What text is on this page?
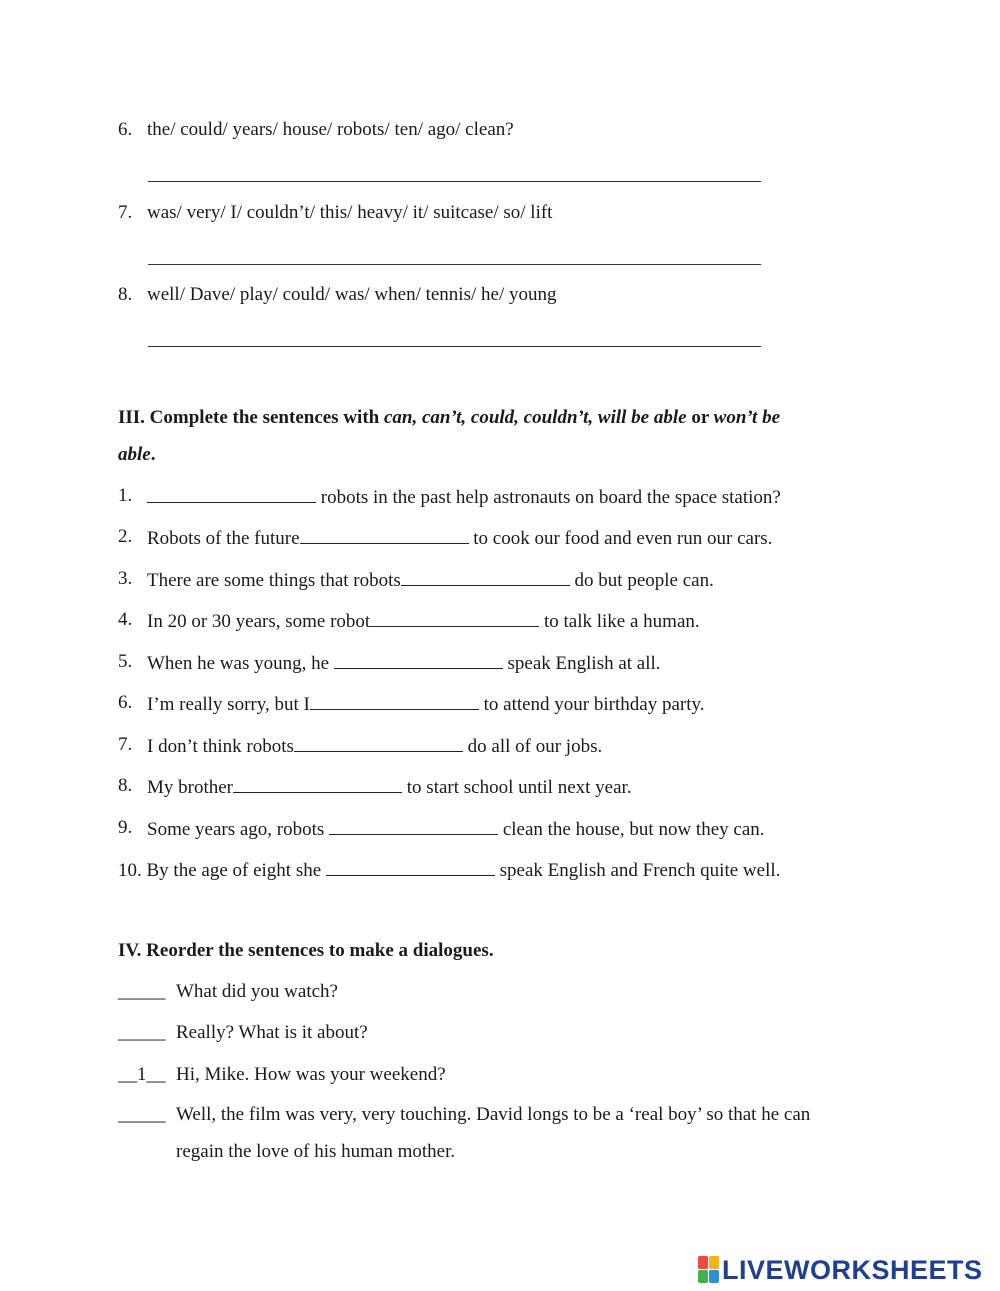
6. the/ could/ years/ house/ robots/ ten/ ago/ clean?
7. was/ very/ I/ couldn’t/ this/ heavy/ it/ suitcase/ so/ lift
8. well/ Dave/ play/ could/ was/ when/ tennis/ he/ young
III. Complete the sentences with can, can’t, could, couldn’t, will be able or won’t be
able.
1.	robots in the past help astronauts on board the space station?
2. Robots of the future	to cook our food and even run our cars.
3. There are some things that robots	do but people can.
4. In 20 or 30 years, some robot	to talk like a human.
5. When he was young, he	speak English at all.
6. I’m really sorry, but I	to attend your birthday party.
7. I don’t think robots	do all of our jobs.
8. My brother	to start school until next year.
9. Some years ago, robots	clean the house, but now they can.
10. By the age of eight she	speak English and French quite well.
IV. Reorder the sentences to make a dialogues.
_____ What did you watch?
_____ Really? What is it about?
__1__ Hi, Mike. How was your weekend?
_____ Well, the film was very, very touching. David longs to be a ‘real boy’ so that he can
regain the love of his human mother.
LIVEWORKSHEETS
